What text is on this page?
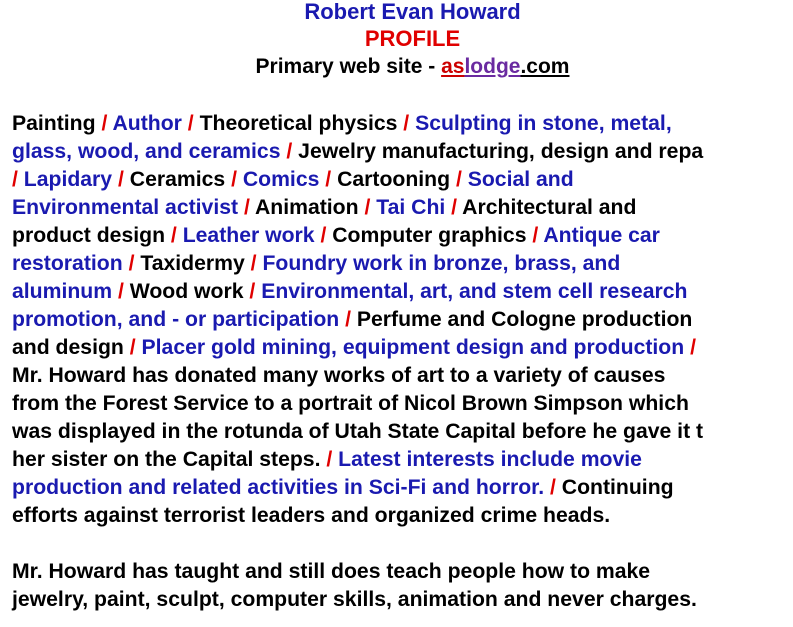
Robert Evan Howard
PROFILE
Primary web site - aslodge.com
Painting / Author / Theoretical physics / Sculpting in stone, metal,
glass, wood, and ceramics / Jewelry manufacturing, design and repa
/ Lapidary / Ceramics / Comics / Cartooning / Social and
Environmental activist / Animation / Tai Chi / Architectural and
product design / Leather work / Computer graphics / Antique car
restoration / Taxidermy / Foundry work in bronze, brass, and
aluminum / Wood work / Environmental, art, and stem cell research
promotion, and - or participation / Perfume and Cologne production
and design / Placer gold mining, equipment design and production /
Mr. Howard has donated many works of art to a variety of causes
from the Forest Service to a portrait of Nicol Brown Simpson which
was displayed in the rotunda of Utah State Capital before he gave it t
her sister on the Capital steps. / Latest interests include movie
production and related activities in Sci-Fi and horror. / Continuing
efforts against terrorist leaders and organized crime heads.
Mr. Howard has taught and still does teach people how to make
jewelry, paint, sculpt, computer skills, animation and never charges.
